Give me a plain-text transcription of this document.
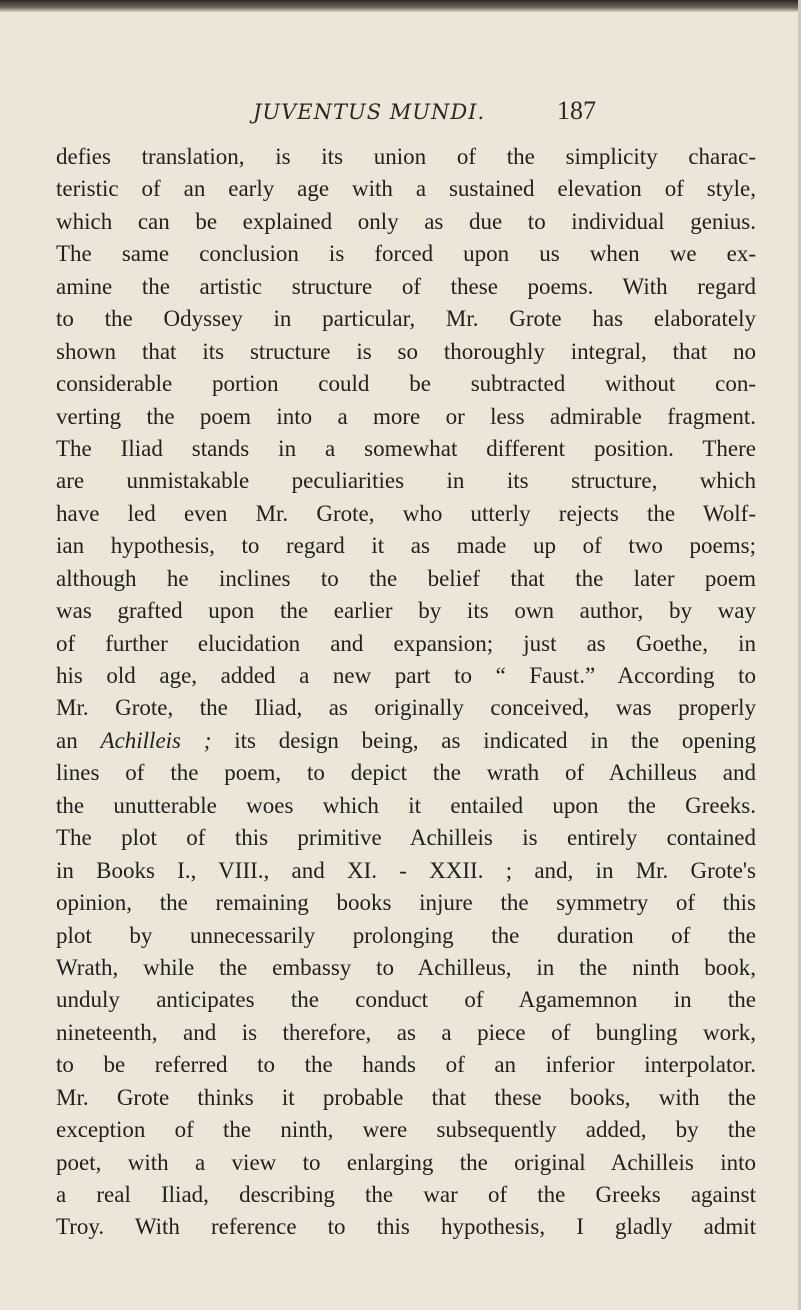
JUVENTUS MUNDI.	187
defies translation, is its union of the simplicity charac-
teristic of an early age with a sustained elevation of style,
which can be explained only as due to individual genius.
The same conclusion is forced upon us when we ex-
amine the artistic structure of these poems. With regard
to the Odyssey in particular, Mr. Grote has elaborately
shown that its structure is so thoroughly integral, that no
considerable portion could be subtracted without con-
verting the poem into a more or less admirable fragment.
The Iliad stands in a somewhat different position. There
are unmistakable peculiarities in its structure, which
have led even Mr. Grote, who utterly rejects the Wolf-
ian hypothesis, to regard it as made up of two poems;
although he inclines to the belief that the later poem
was grafted upon the earlier by its own author, by way
of further elucidation and expansion; just as Goethe, in
his old age, added a new part to “ Faust.” According to
Mr. Grote, the Iliad, as originally conceived, was properly
an Achilleis ; its design being, as indicated in the opening
lines of the poem, to depict the wrath of Achilleus and
the unutterable woes which it entailed upon the Greeks.
The plot of this primitive Achilleis is entirely contained
in Books I., VIII., and XI. - XXII. ; and, in Mr. Grote's
opinion, the remaining books injure the symmetry of this
plot by unnecessarily prolonging the duration of the
Wrath, while the embassy to Achilleus, in the ninth book,
unduly anticipates the conduct of Agamemnon in the
nineteenth, and is therefore, as a piece of bungling work,
to be referred to the hands of an inferior interpolator.
Mr. Grote thinks it probable that these books, with the
exception of the ninth, were subsequently added, by the
poet, with a view to enlarging the original Achilleis into
a real Iliad, describing the war of the Greeks against
Troy. With reference to this hypothesis, I gladly admit
